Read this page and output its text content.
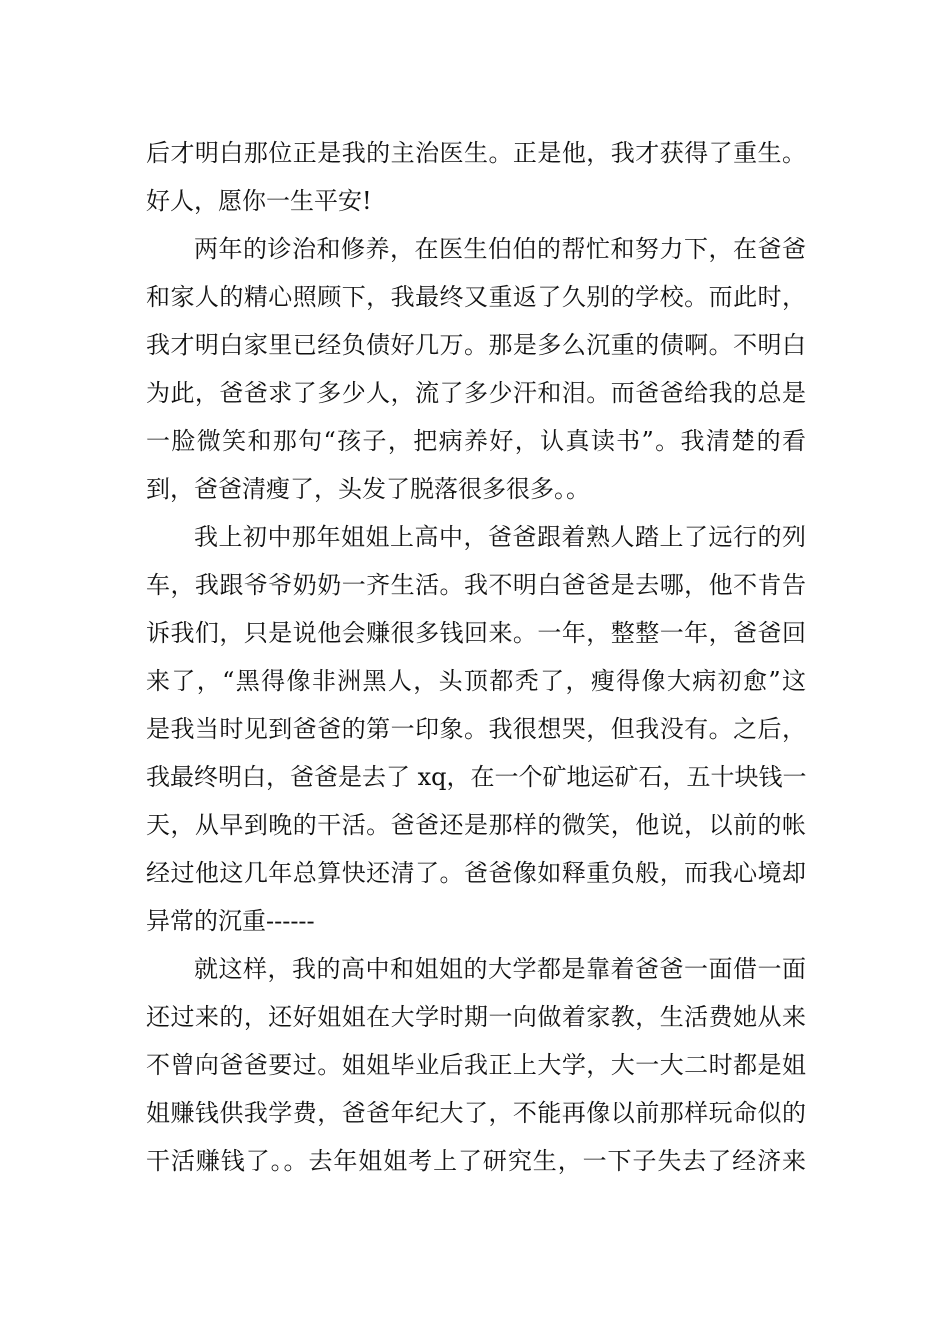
后才明白那位正是我的主治医生。正是他，我才获得了重生。
好人，愿你一生平安!
两年的诊治和修养，在医生伯伯的帮忙和努力下，在爸爸
和家人的精心照顾下，我最终又重返了久别的学校。而此时，
我才明白家里已经负债好几万。那是多么沉重的债啊。不明白
为此，爸爸求了多少人，流了多少汗和泪。而爸爸给我的总是
一脸微笑和那句“孩子，把病养好，认真读书”。我清楚的看
到，爸爸清瘦了，头发了脱落很多很多。。
我上初中那年姐姐上高中，爸爸跟着熟人踏上了远行的列
车，我跟爷爷奶奶一齐生活。我不明白爸爸是去哪，他不肯告
诉我们，只是说他会赚很多钱回来。一年，整整一年，爸爸回
来了，“黑得像非洲黑人，头顶都秃了，瘦得像大病初愈”这
是我当时见到爸爸的第一印象。我很想哭，但我没有。之后，
我最终明白，爸爸是去了 xq，在一个矿地运矿石，五十块钱一
天，从早到晚的干活。爸爸还是那样的微笑，他说，以前的帐
经过他这几年总算快还清了。爸爸像如释重负般，而我心境却
异常的沉重------
就这样，我的高中和姐姐的大学都是靠着爸爸一面借一面
还过来的，还好姐姐在大学时期一向做着家教，生活费她从来
不曾向爸爸要过。姐姐毕业后我正上大学，大一大二时都是姐
姐赚钱供我学费，爸爸年纪大了，不能再像以前那样玩命似的
干活赚钱了。。去年姐姐考上了研究生，一下子失去了经济来
